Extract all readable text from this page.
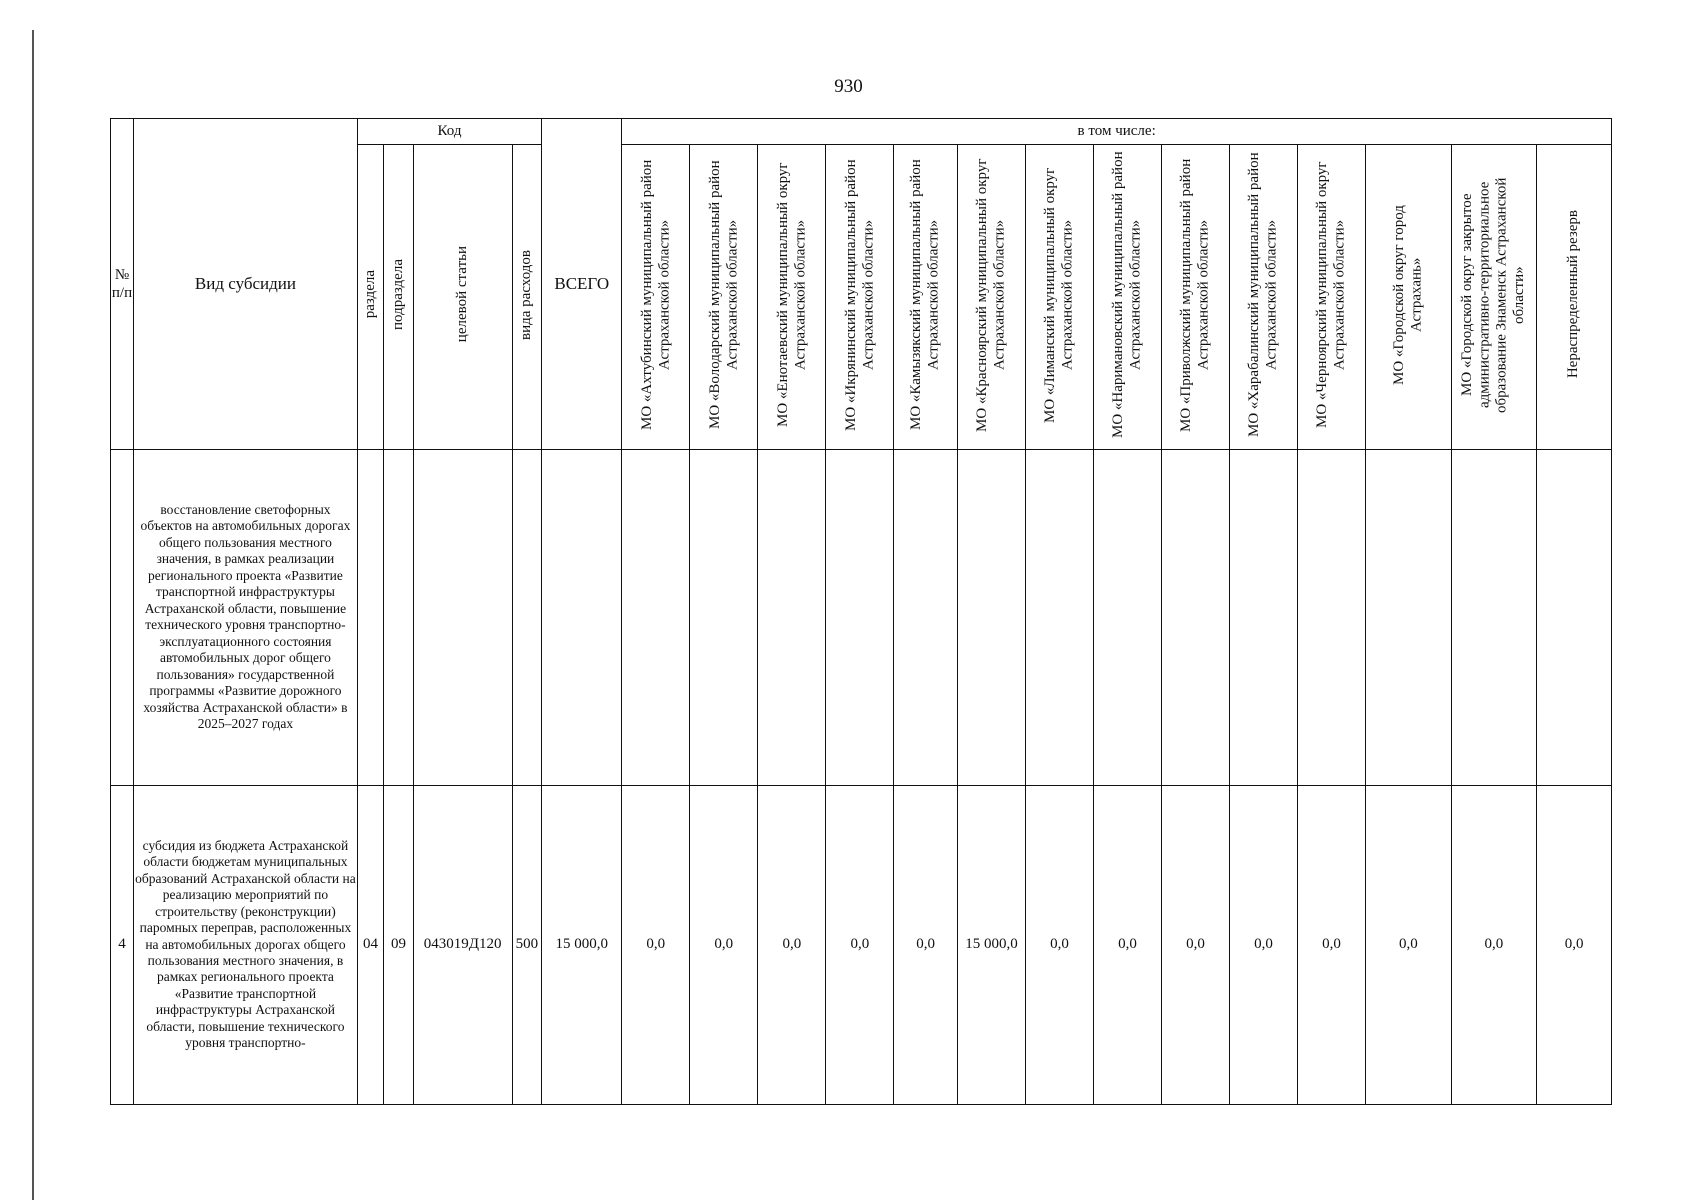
930
№ п/п	Вид субсидии	Код				ВСЕГО	в том числе:													
		раздела	подраздела	целевой статьи	вида расходов		МО «Ахтубинский муниципальный район Астраханской области»	МО «Володарский муниципальный район Астраханской области»	МО «Енотаевский муниципальный округ Астраханской области»	МО «Икрянинский муниципальный район Астраханской области»	МО «Камызякский муниципальный район Астраханской области»	МО «Красноярский муниципальный округ Астраханской области»	МО «Лиманский муниципальный округ Астраханской области»	МО «Наримановский муниципальный район Астраханской области»	МО «Приволжский муниципальный район Астраханской области»	МО «Харабалинский муниципальный район Астраханской области»	МО «Черноярский муниципальный округ Астраханской области»	МО «Городской округ город Астрахань»	МО «Городской округ закрытое административно-территориальное образование Знаменск Астраханской области»	Нераспределенный резерв
	восстановление светофорных объектов на автомобильных дорогах общего пользования местного значения, в рамках реализации регионального проекта «Развитие транспортной инфраструктуры Астраханской области, повышение технического уровня транспортно-эксплуатационного состояния автомобильных дорог общего пользования» государственной программы «Развитие дорожного хозяйства Астраханской области» в 2025–2027 годах																			
4	субсидия из бюджета Астраханской области бюджетам муниципальных образований Астраханской области на реализацию мероприятий по строительству (реконструкции) паромных переправ, расположенных на автомобильных дорогах общего пользования местного значения, в рамках регионального проекта «Развитие транспортной инфраструктуры Астраханской области, повышение технического уровня транспортно-	04	09	043019Д120	500	15 000,0	0,0	0,0	0,0	0,0	0,0	15 000,0	0,0	0,0	0,0	0,0	0,0	0,0	0,0	0,0
